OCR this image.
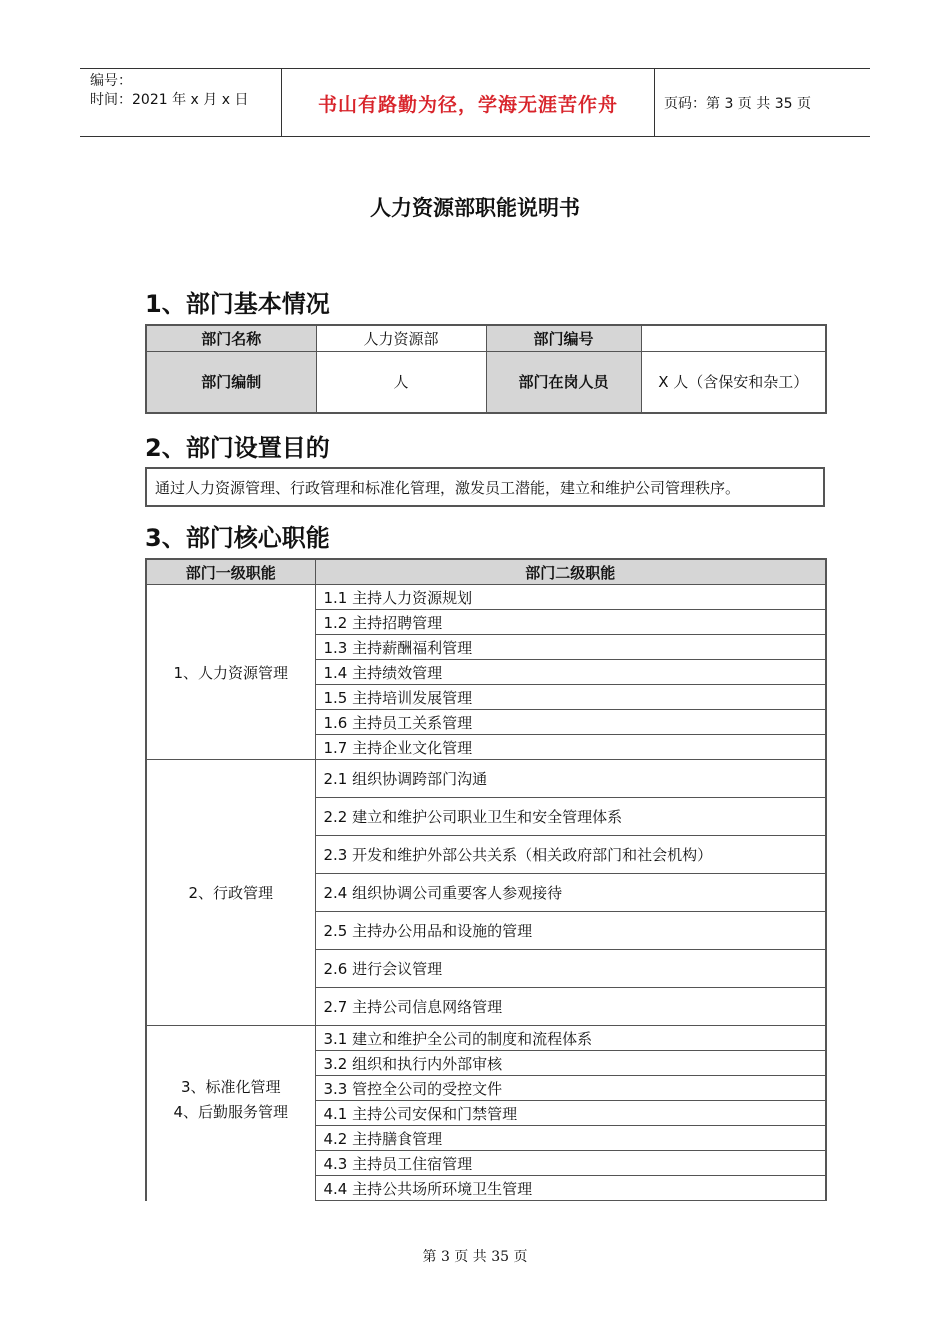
编号：
时间：2021 年 x 月 x 日	书山有路勤为径，学海无涯苦作舟	页码：第 3 页 共 35 页
人力资源部职能说明书
1、部门基本情况
部门名称	人力资源部	部门编号	
部门编制	人	部门在岗人员	X 人（含保安和杂工）
2、部门设置目的
通过人力资源管理、行政管理和标准化管理，激发员工潜能，建立和维护公司管理秩序。
3、部门核心职能
部门一级职能	部门二级职能
1、人力资源管理	1.1 主持人力资源规划
	1.2 主持招聘管理
	1.3 主持薪酬福利管理
	1.4 主持绩效管理
	1.5 主持培训发展管理
	1.6 主持员工关系管理
	1.7 主持企业文化管理
2、行政管理	2.1 组织协调跨部门沟通
	2.2 建立和维护公司职业卫生和安全管理体系
	2.3 开发和维护外部公共关系（相关政府部门和社会机构）
	2.4 组织协调公司重要客人参观接待
	2.5 主持办公用品和设施的管理
	2.6 进行会议管理
	2.7 主持公司信息网络管理
3、标准化管理	3.1 建立和维护全公司的制度和流程体系
	3.2 组织和执行内外部审核
	3.3 管控全公司的受控文件
4、后勤服务管理	4.1 主持公司安保和门禁管理
	4.2 主持膳食管理
	4.3 主持员工住宿管理
	4.4 主持公共场所环境卫生管理
第 3 页 共 35 页
